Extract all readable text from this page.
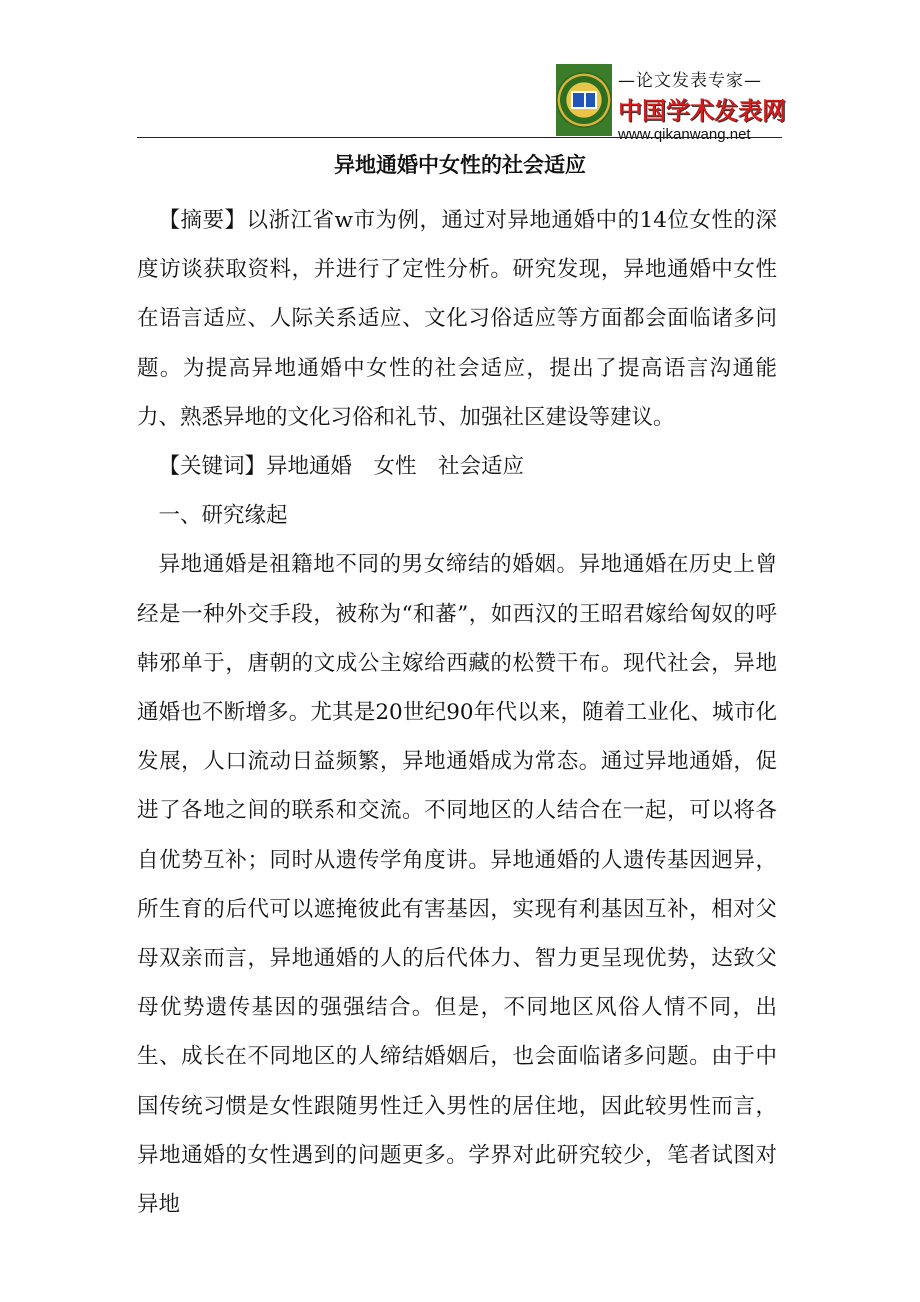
—论文发表专家—
中国学术发表网
www.qikanwang.net
异地通婚中女性的社会适应

【摘要】以浙江省w市为例，通过对异地通婚中的14位女性的深度访谈获取资料，并进行了定性分析。研究发现，异地通婚中女性在语言适应、人际关系适应、文化习俗适应等方面都会面临诸多问题。为提高异地通婚中女性的社会适应，提出了提高语言沟通能力、熟悉异地的文化习俗和礼节、加强社区建设等建议。

【关键词】异地通婚　女性　社会适应

一、研究缘起

异地通婚是祖籍地不同的男女缔结的婚姻。异地通婚在历史上曾经是一种外交手段，被称为“和蕃”，如西汉的王昭君嫁给匈奴的呼韩邪单于，唐朝的文成公主嫁给西藏的松赞干布。现代社会，异地通婚也不断增多。尤其是20世纪90年代以来，随着工业化、城市化发展，人口流动日益频繁，异地通婚成为常态。通过异地通婚，促进了各地之间的联系和交流。不同地区的人结合在一起，可以将各自优势互补；同时从遗传学角度讲。异地通婚的人遗传基因迥异，所生育的后代可以遮掩彼此有害基因，实现有利基因互补，相对父母双亲而言，异地通婚的人的后代体力、智力更呈现优势，达致父母优势遗传基因的强强结合。但是，不同地区风俗人情不同，出生、成长在不同地区的人缔结婚姻后，也会面临诸多问题。由于中国传统习惯是女性跟随男性迁入男性的居住地，因此较男性而言，异地通婚的女性遇到的问题更多。学界对此研究较少，笔者试图对异地
